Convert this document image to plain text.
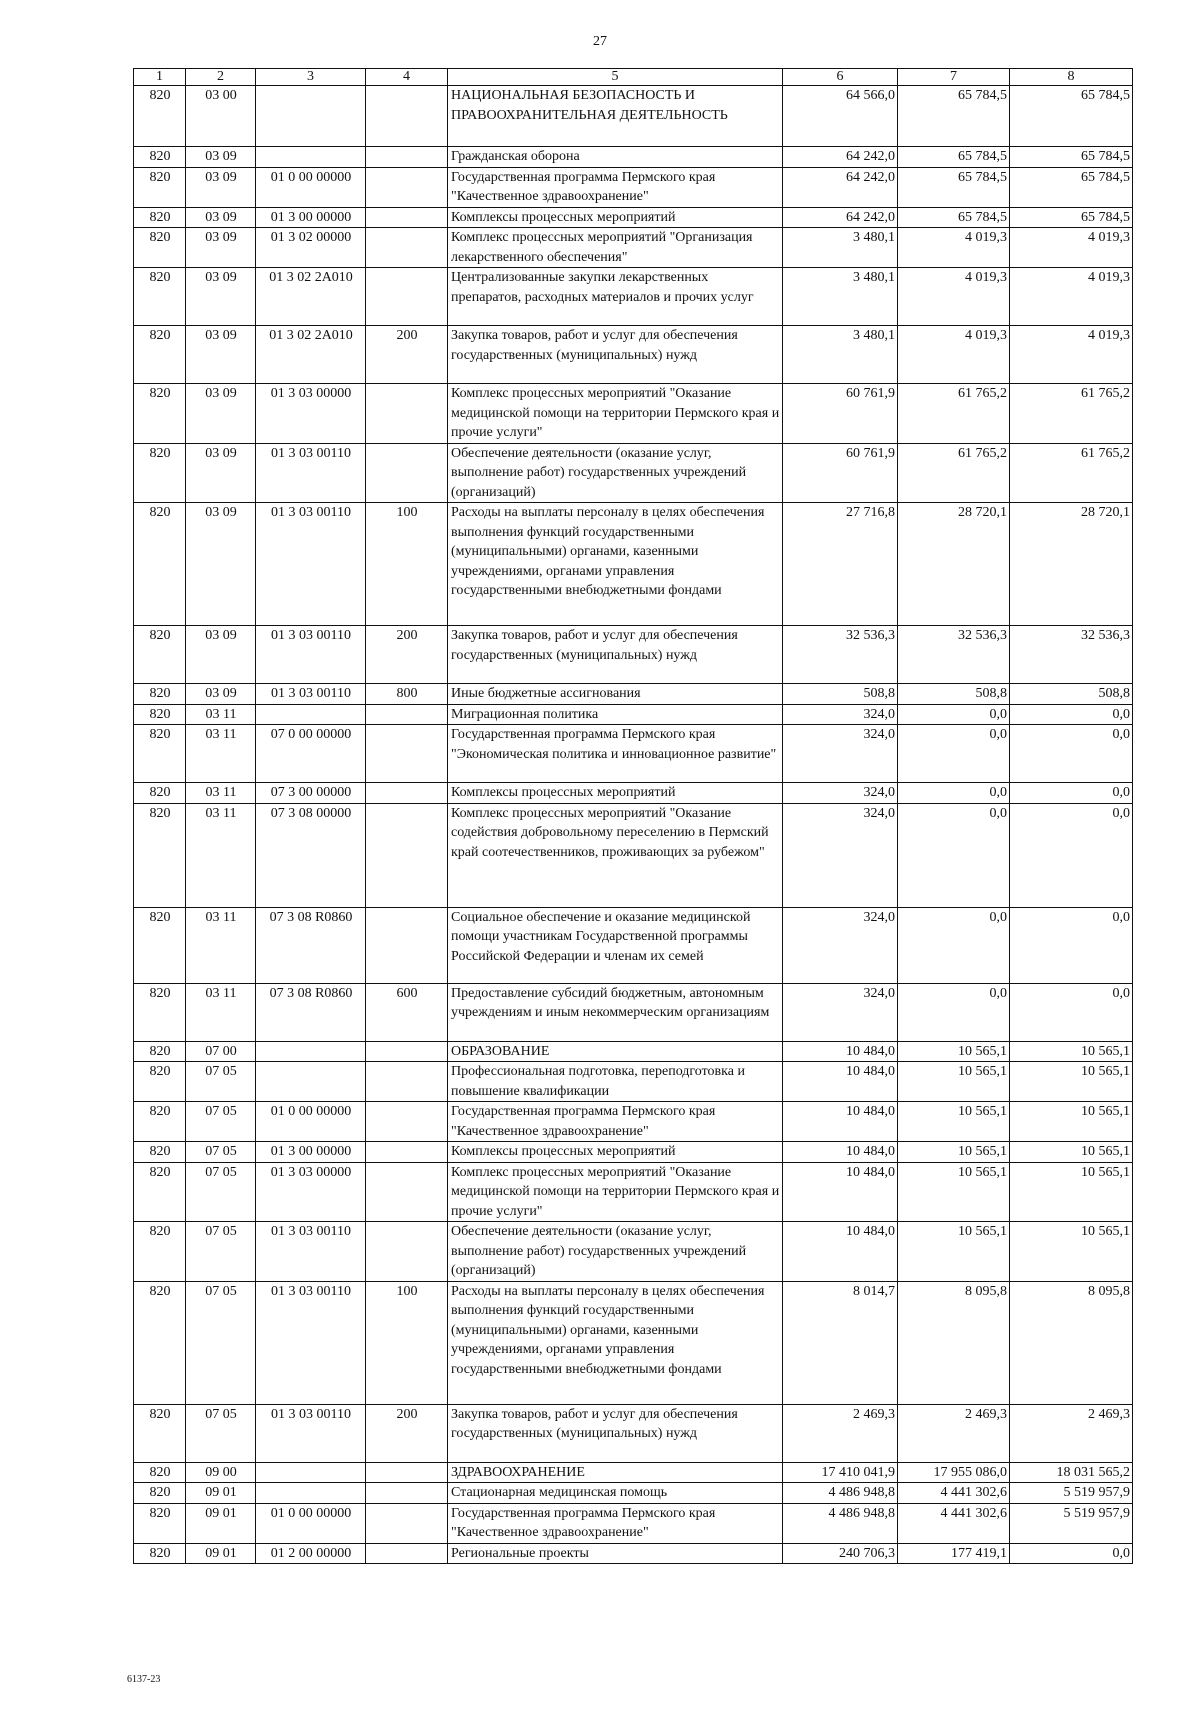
27
1	2	3	4	5	6	7	8
820	03 00			НАЦИОНАЛЬНАЯ БЕЗОПАСНОСТЬ И ПРАВООХРАНИТЕЛЬНАЯ ДЕЯТЕЛЬНОСТЬ	64 566,0	65 784,5	65 784,5
820	03 09			Гражданская оборона	64 242,0	65 784,5	65 784,5
820	03 09	01 0 00 00000		Государственная программа Пермского края "Качественное здравоохранение"	64 242,0	65 784,5	65 784,5
820	03 09	01 3 00 00000		Комплексы процессных мероприятий	64 242,0	65 784,5	65 784,5
820	03 09	01 3 02 00000		Комплекс процессных мероприятий "Организация лекарственного обеспечения"	3 480,1	4 019,3	4 019,3
820	03 09	01 3 02 2А010		Централизованные закупки лекарственных препаратов, расходных материалов и прочих услуг	3 480,1	4 019,3	4 019,3
820	03 09	01 3 02 2А010	200	Закупка товаров, работ и услуг для обеспечения государственных (муниципальных) нужд	3 480,1	4 019,3	4 019,3
820	03 09	01 3 03 00000		Комплекс процессных мероприятий "Оказание медицинской помощи на территории Пермского края и прочие услуги"	60 761,9	61 765,2	61 765,2
820	03 09	01 3 03 00110		Обеспечение деятельности (оказание услуг, выполнение работ) государственных учреждений (организаций)	60 761,9	61 765,2	61 765,2
820	03 09	01 3 03 00110	100	Расходы на выплаты персоналу в целях обеспечения выполнения функций государственными (муниципальными) органами, казенными учреждениями, органами управления государственными внебюджетными фондами	27 716,8	28 720,1	28 720,1
820	03 09	01 3 03 00110	200	Закупка товаров, работ и услуг для обеспечения государственных (муниципальных) нужд	32 536,3	32 536,3	32 536,3
820	03 09	01 3 03 00110	800	Иные бюджетные ассигнования	508,8	508,8	508,8
820	03 11			Миграционная политика	324,0	0,0	0,0
820	03 11	07 0 00 00000		Государственная программа Пермского края "Экономическая политика и инновационное развитие"	324,0	0,0	0,0
820	03 11	07 3 00 00000		Комплексы процессных мероприятий	324,0	0,0	0,0
820	03 11	07 3 08 00000		Комплекс процессных мероприятий "Оказание содействия добровольному переселению в Пермский край соотечественников, проживающих за рубежом"	324,0	0,0	0,0
820	03 11	07 3 08 R0860		Социальное обеспечение и оказание медицинской помощи участникам Государственной программы Российской Федерации и членам их семей	324,0	0,0	0,0
820	03 11	07 3 08 R0860	600	Предоставление субсидий бюджетным, автономным учреждениям и иным некоммерческим организациям	324,0	0,0	0,0
820	07 00			ОБРАЗОВАНИЕ	10 484,0	10 565,1	10 565,1
820	07 05			Профессиональная подготовка, переподготовка и повышение квалификации	10 484,0	10 565,1	10 565,1
820	07 05	01 0 00 00000		Государственная программа Пермского края "Качественное здравоохранение"	10 484,0	10 565,1	10 565,1
820	07 05	01 3 00 00000		Комплексы процессных мероприятий	10 484,0	10 565,1	10 565,1
820	07 05	01 3 03 00000		Комплекс процессных мероприятий "Оказание медицинской помощи на территории Пермского края и прочие услуги"	10 484,0	10 565,1	10 565,1
820	07 05	01 3 03 00110		Обеспечение деятельности (оказание услуг, выполнение работ) государственных учреждений (организаций)	10 484,0	10 565,1	10 565,1
820	07 05	01 3 03 00110	100	Расходы на выплаты персоналу в целях обеспечения выполнения функций государственными (муниципальными) органами, казенными учреждениями, органами управления государственными внебюджетными фондами	8 014,7	8 095,8	8 095,8
820	07 05	01 3 03 00110	200	Закупка товаров, работ и услуг для обеспечения государственных (муниципальных) нужд	2 469,3	2 469,3	2 469,3
820	09 00			ЗДРАВООХРАНЕНИЕ	17 410 041,9	17 955 086,0	18 031 565,2
820	09 01			Стационарная медицинская помощь	4 486 948,8	4 441 302,6	5 519 957,9
820	09 01	01 0 00 00000		Государственная программа Пермского края "Качественное здравоохранение"	4 486 948,8	4 441 302,6	5 519 957,9
820	09 01	01 2 00 00000		Региональные проекты	240 706,3	177 419,1	0,0
6137-23
